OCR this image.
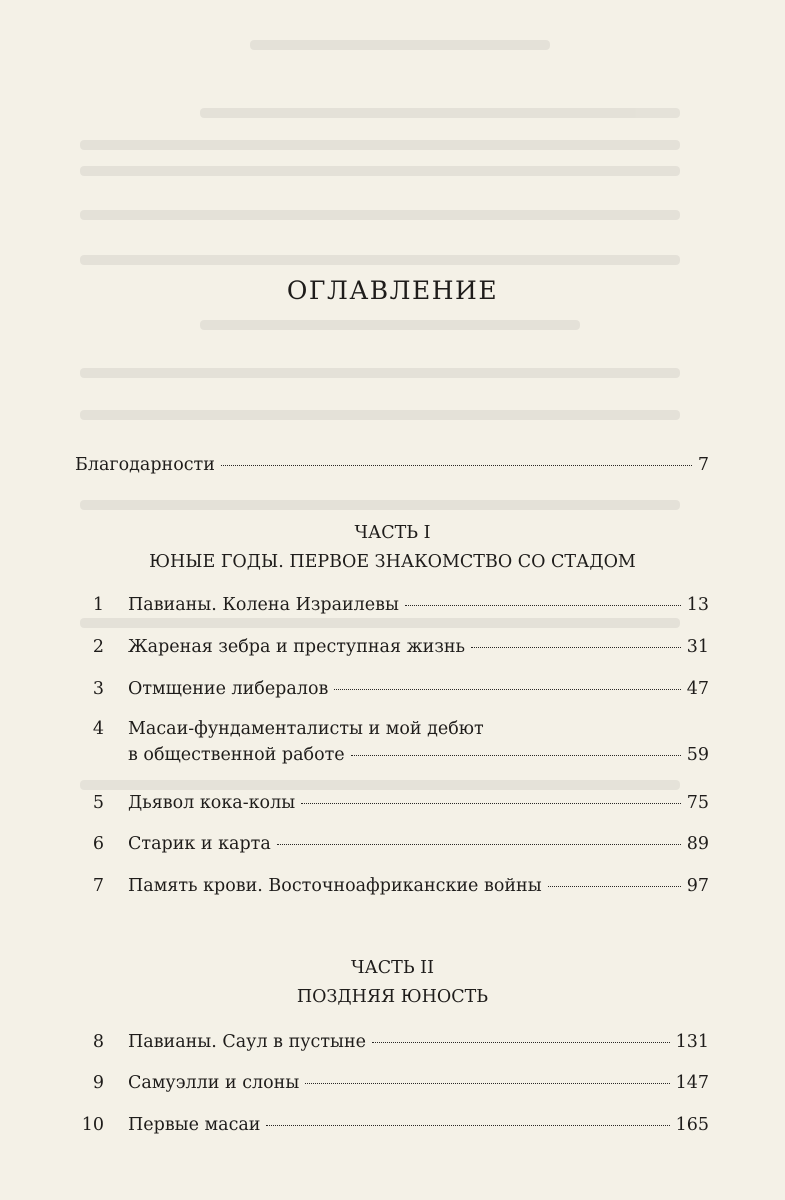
ОГЛАВЛЕНИЕ
Благодарности	7
ЧАСТЬ I
ЮНЫЕ ГОДЫ. ПЕРВОЕ ЗНАКОМСТВО СО СТАДОМ
1	Павианы. Колена Израилевы	13
2	Жареная зебра и преступная жизнь	31
3	Отмщение либералов	47
4	Масаи-фундаменталисты и мой дебют
в общественной работе	59
5	Дьявол кока-колы	75
6	Старик и карта	89
7	Память крови. Восточноафриканские войны	97
ЧАСТЬ II
ПОЗДНЯЯ ЮНОСТЬ
8	Павианы. Саул в пустыне	131
9	Самуэлли и слоны	147
10	Первые масаи	165
